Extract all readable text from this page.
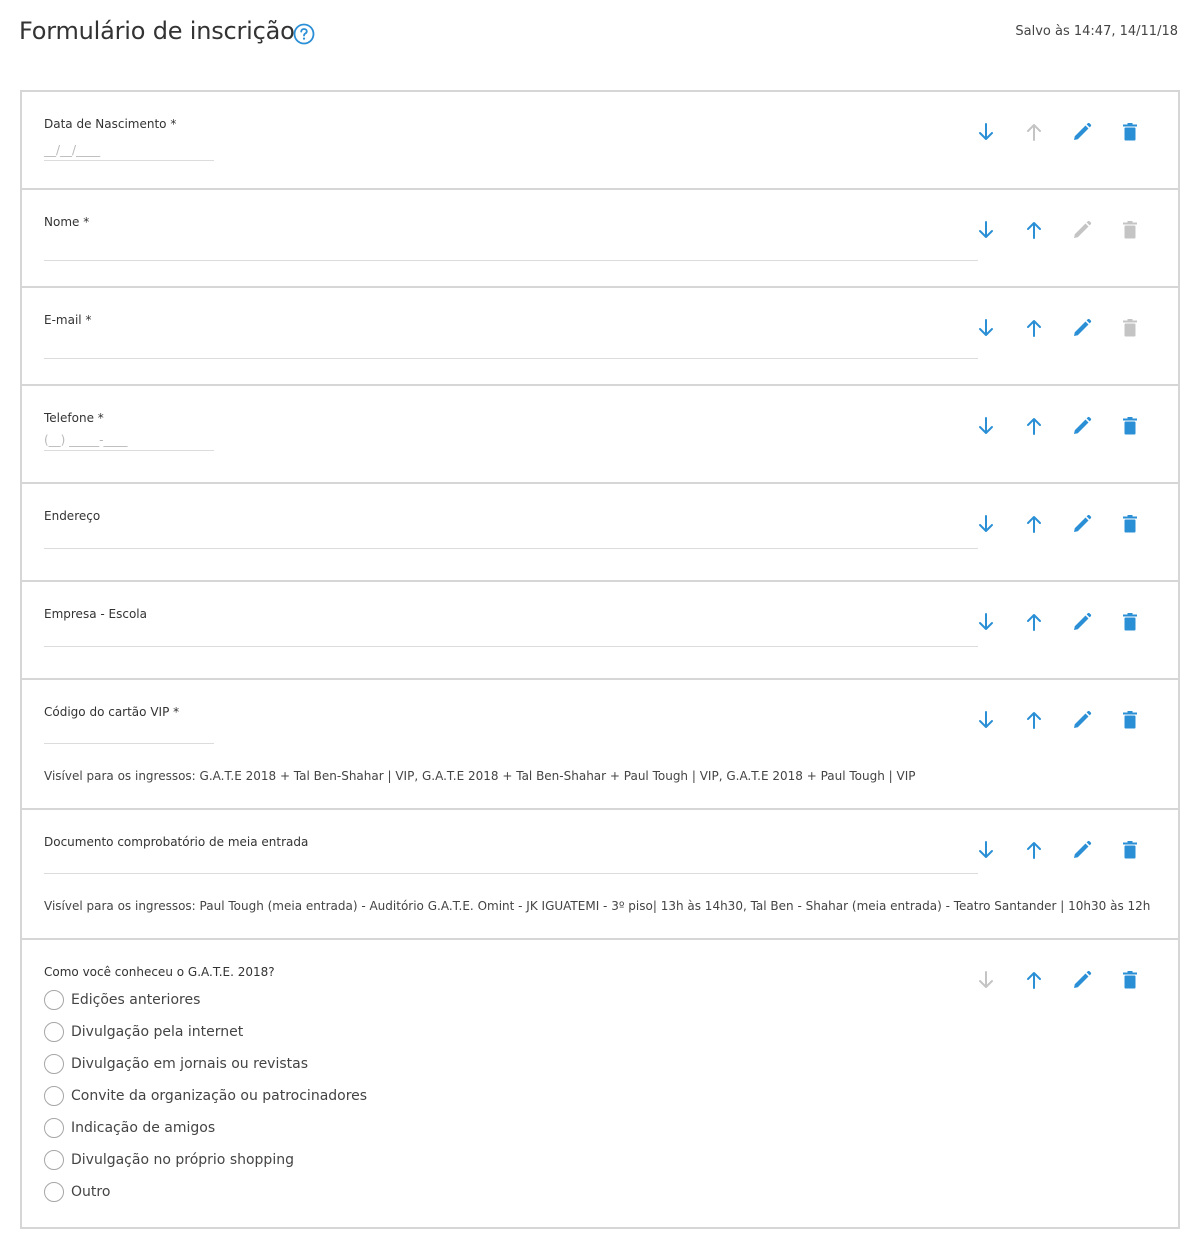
Formulário de inscrição	Salvo às 14:47, 14/11/18
Data de Nascimento *
__/__/____
Nome *
E-mail *
Telefone *
(__) _____-____
Endereço
Empresa - Escola
Código do cartão VIP *
Visível para os ingressos: G.A.T.E 2018 + Tal Ben-Shahar | VIP, G.A.T.E 2018 + Tal Ben-Shahar + Paul Tough | VIP, G.A.T.E 2018 + Paul Tough | VIP
Documento comprobatório de meia entrada
Visível para os ingressos: Paul Tough (meia entrada) - Auditório G.A.T.E. Omint - JK IGUATEMI - 3º piso| 13h às 14h30, Tal Ben - Shahar (meia entrada) - Teatro Santander | 10h30 às 12h
Como você conheceu o G.A.T.E. 2018?
Edições anteriores
Divulgação pela internet
Divulgação em jornais ou revistas
Convite da organização ou patrocinadores
Indicação de amigos
Divulgação no próprio shopping
Outro
